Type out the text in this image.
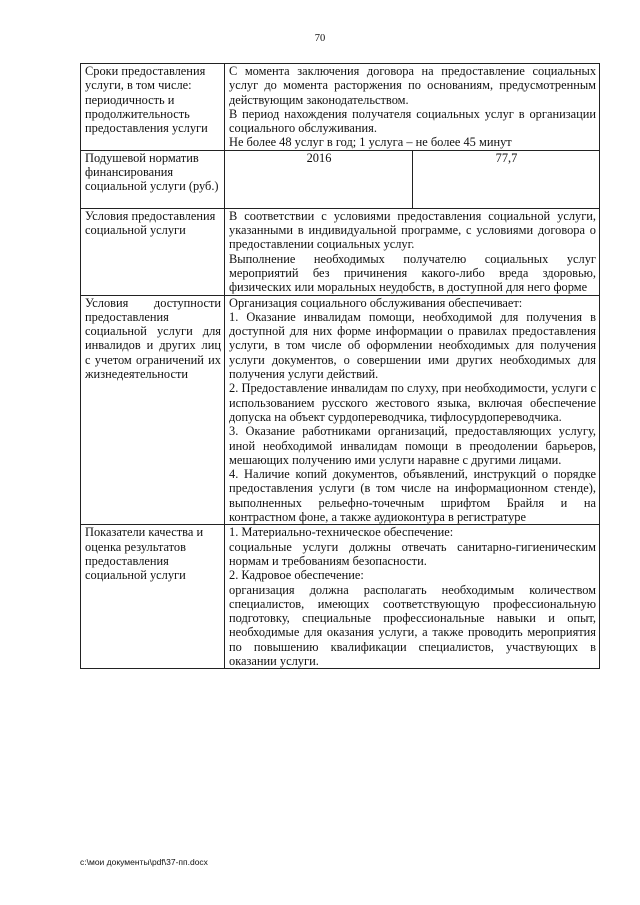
70

Сроки предоставления услуги, в том числе: периодичность и продолжительность предоставления услуги	С момента заключения договора на предоставление социальных услуг до момента расторжения по основаниям, предусмотренным действующим законодательством.

В период нахождения получателя социальных услуг в организации социального обслуживания.

Не более 48 услуг в год; 1 услуга – не более 45 минут	

Подушевой норматив финансирования социальной услуги (руб.)	2016	77,7

Условия предоставления социальной услуги	В соответствии с условиями предоставления социальной услуги, указанными в индивидуальной программе, с условиями договора о предоставлении социальных услуг.

Выполнение необходимых получателю социальных услуг мероприятий без причинения какого-либо вреда здоровью, физических или моральных неудобств, в доступной для него форме	

Условия доступности предоставления социальной услуги для инвалидов и других лиц с учетом ограничений их жизнедеятельности	Организация социального обслуживания обеспечивает:

1. Оказание инвалидам помощи, необходимой для получения в доступной для них форме информации о правилах предоставления услуги, в том числе об оформлении необходимых для получения услуги документов, о совершении ими других необходимых для получения услуги действий.

2. Предоставление инвалидам по слуху, при необходимости, услуги с использованием русского жестового языка, включая обеспечение допуска на объект сурдопереводчика, тифлосурдопереводчика.

3. Оказание работниками организаций, предоставляющих услугу, иной необходимой инвалидам помощи в преодолении барьеров, мешающих получению ими услуги наравне с другими лицами.

4. Наличие копий документов, объявлений, инструкций о порядке предоставления услуги (в том числе на информационном стенде), выполненных рельефно-точечным шрифтом Брайля и на контрастном фоне, а также аудиоконтура в регистратуре	

Показатели качества и оценка результатов предоставления социальной услуги	1. Материально-техническое обеспечение:

социальные услуги должны отвечать санитарно-гигиеническим нормам и требованиям безопасности.

2. Кадровое обеспечение:

организация должна располагать необходимым количеством специалистов, имеющих соответствующую профессиональную подготовку, специальные профессиональные навыки и опыт, необходимые для оказания услуги, а также проводить мероприятия по повышению квалификации специалистов, участвующих в оказании услуги.	

c:\мои документы\pdf\37-пп.docx
